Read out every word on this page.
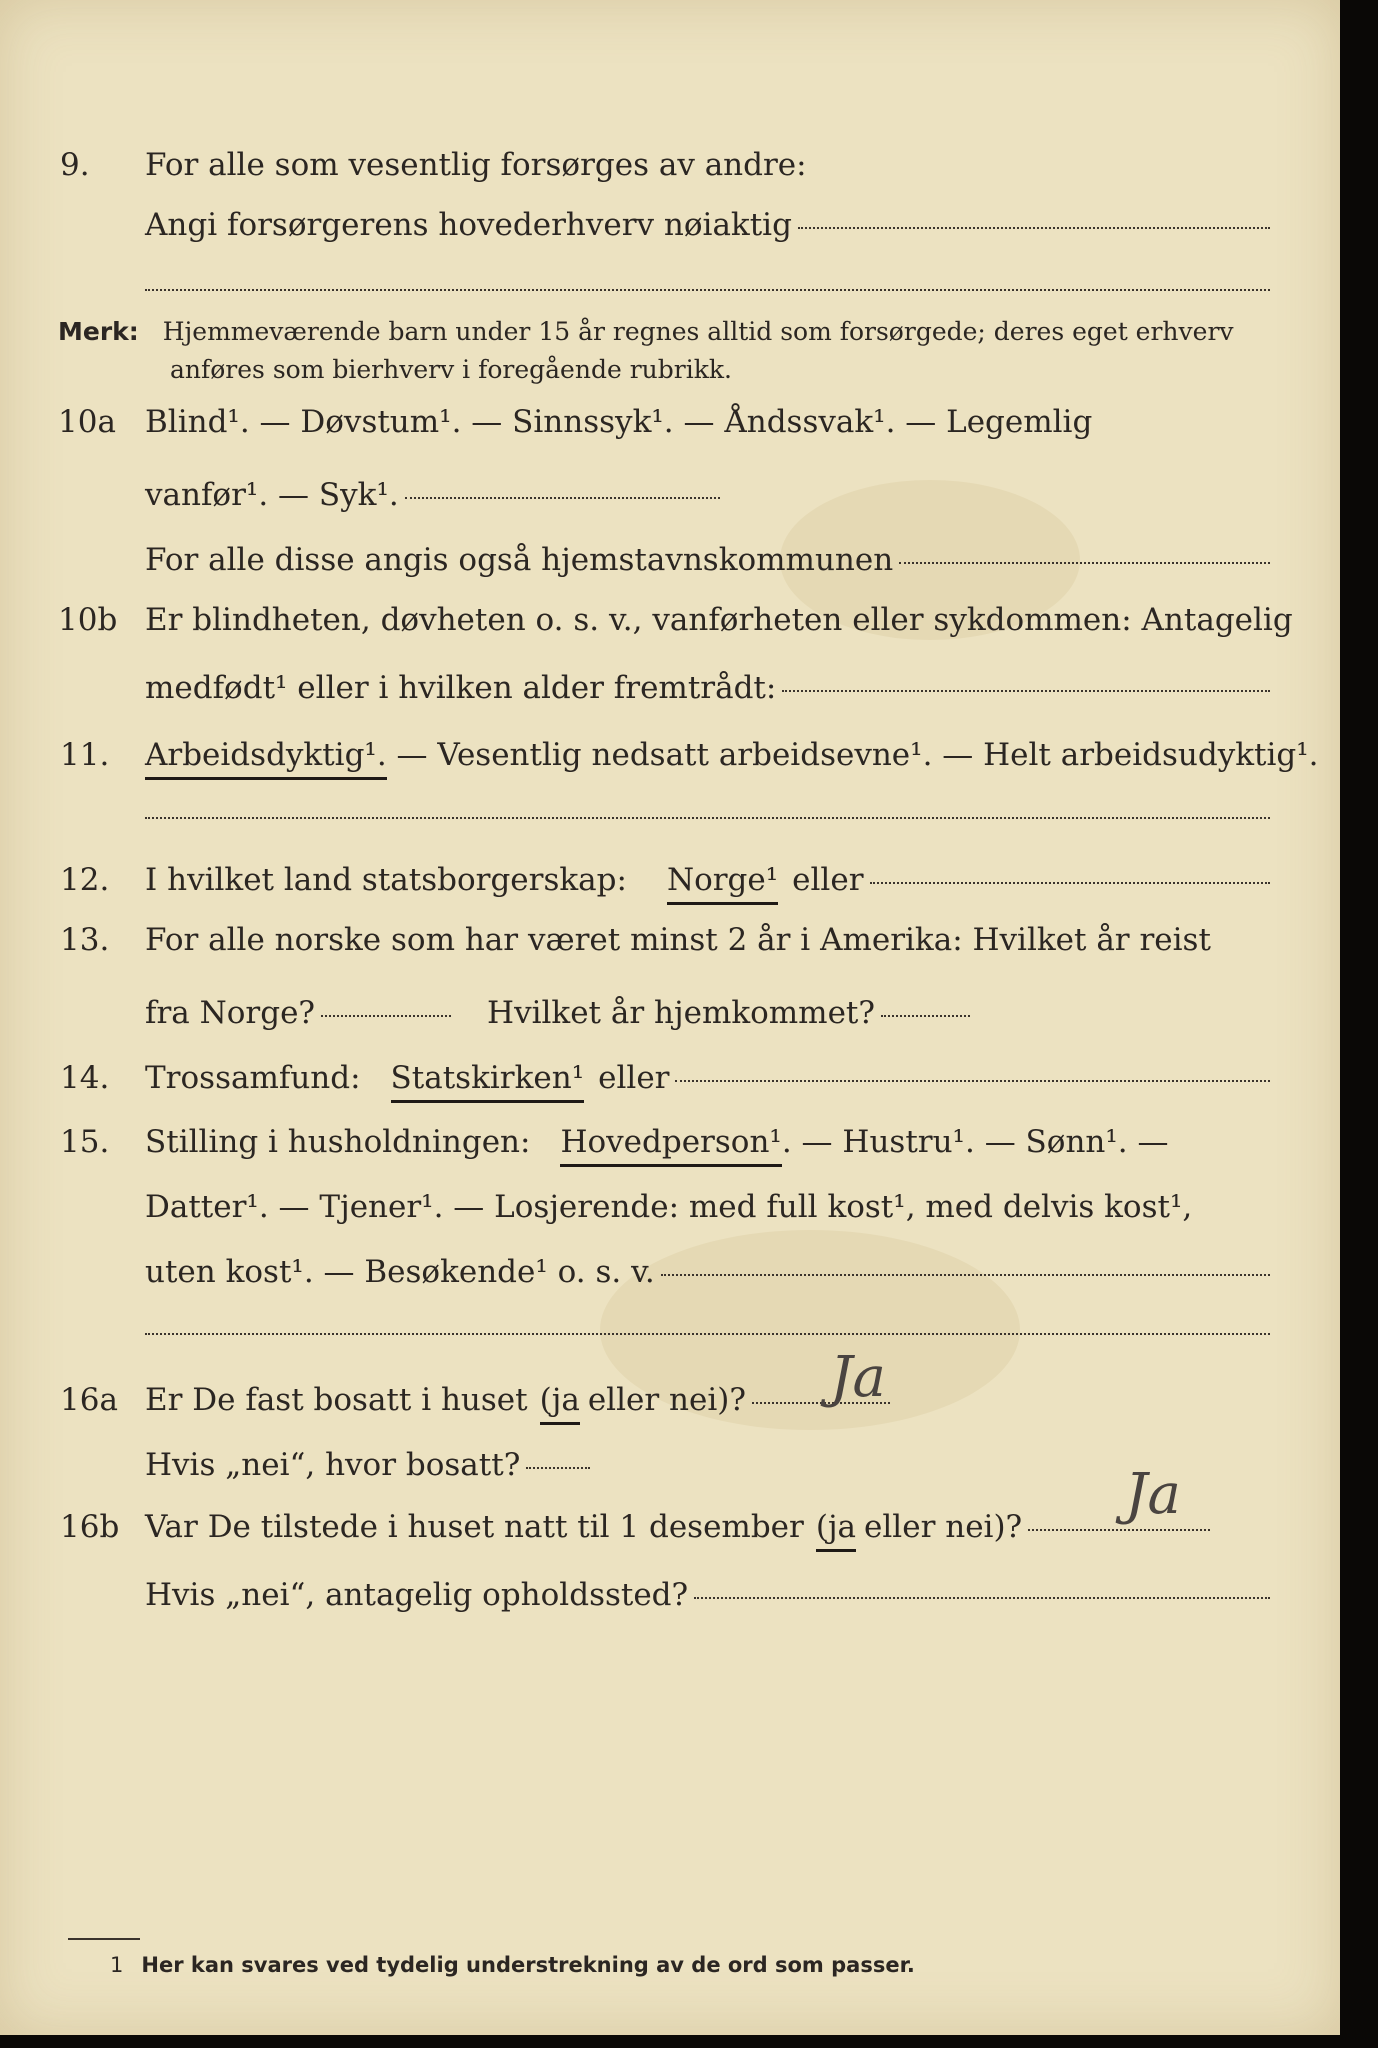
9.	For alle som vesentlig forsørges av andre:
Angi forsørgerens hovederhverv nøiaktig
Merk: Hjemmeværende barn under 15 år regnes alltid som forsørgede; deres eget erhverv
anføres som bierhverv i foregående rubrikk.
10a Blind¹. — Døvstum¹. — Sinnssyk¹. — Åndssvak¹. — Legemlig
vanfør¹. — Syk¹.
For alle disse angis også hjemstavnskommunen
10b Er blindheten, døvheten o. s. v., vanførheten eller sykdommen: Antagelig
medfødt¹ eller i hvilken alder fremtrådt:
11.	Arbeidsdyktig¹. — Vesentlig nedsatt arbeidsevne¹. — Helt arbeidsudyktig¹.
12.	I hvilket land statsborgerskap: Norge¹ eller
13.	For alle norske som har været minst 2 år i Amerika: Hvilket år reist
fra Norge?	Hvilket år hjemkommet?
14.	Trossamfund: Statskirken¹ eller
15.	Stilling i husholdningen: Hovedperson¹ . — Hustru¹. — Sønn¹. —
Datter¹. — Tjener¹. — Losjerende: med full kost¹, med delvis kost¹,
uten kost¹. — Besøkende¹ o. s. v.
16a Er De fast bosatt i huset (ja eller nei)? Ja
Hvis „nei“, hvor bosatt?
16b Var De tilstede i huset natt til 1 desember (ja eller nei)? Ja
Hvis „nei“, antagelig opholdssted?
1 Her kan svares ved tydelig understrekning av de ord som passer.
